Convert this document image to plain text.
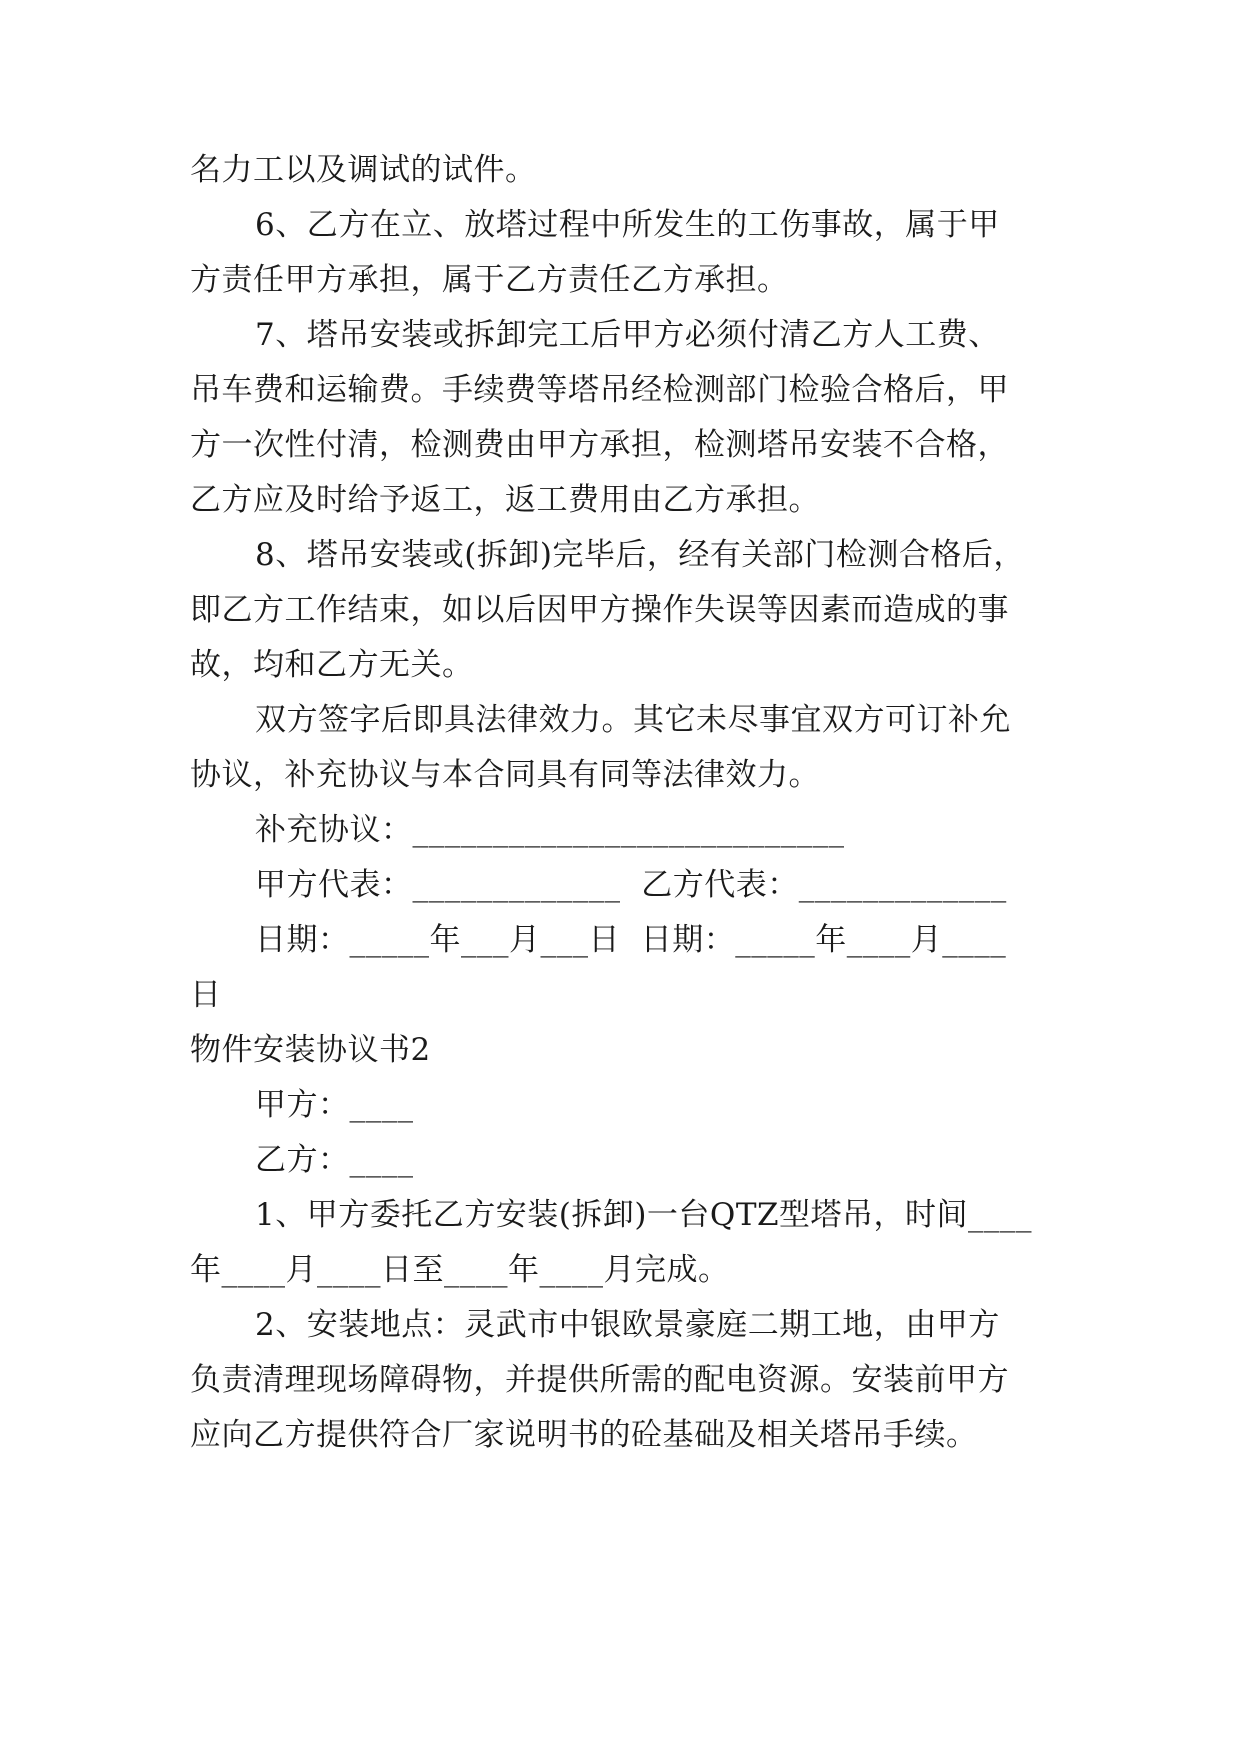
名力工以及调试的试件。
6、乙方在立、放塔过程中所发生的工伤事故，属于甲
方责任甲方承担，属于乙方责任乙方承担。
7、塔吊安装或拆卸完工后甲方必须付清乙方人工费、
吊车费和运输费。手续费等塔吊经检测部门检验合格后，甲
方一次性付清，检测费由甲方承担，检测塔吊安装不合格，
乙方应及时给予返工，返工费用由乙方承担。
8、塔吊安装或(拆卸)完毕后，经有关部门检测合格后，
即乙方工作结束，如以后因甲方操作失误等因素而造成的事
故，均和乙方无关。
双方签字后即具法律效力。其它未尽事宜双方可订补允
协议，补充协议与本合同具有同等法律效力。
补充协议：___________________________
甲方代表：_____________  乙方代表：_____________
日期：_____年___月___日  日期：_____年____月____
日
物件安装协议书2
甲方：____
乙方：____
1、甲方委托乙方安装(拆卸)一台QTZ型塔吊，时间____
年____月____日至____年____月完成。
2、安装地点：灵武市中银欧景豪庭二期工地，由甲方
负责清理现场障碍物，并提供所需的配电资源。安装前甲方
应向乙方提供符合厂家说明书的砼基础及相关塔吊手续。
